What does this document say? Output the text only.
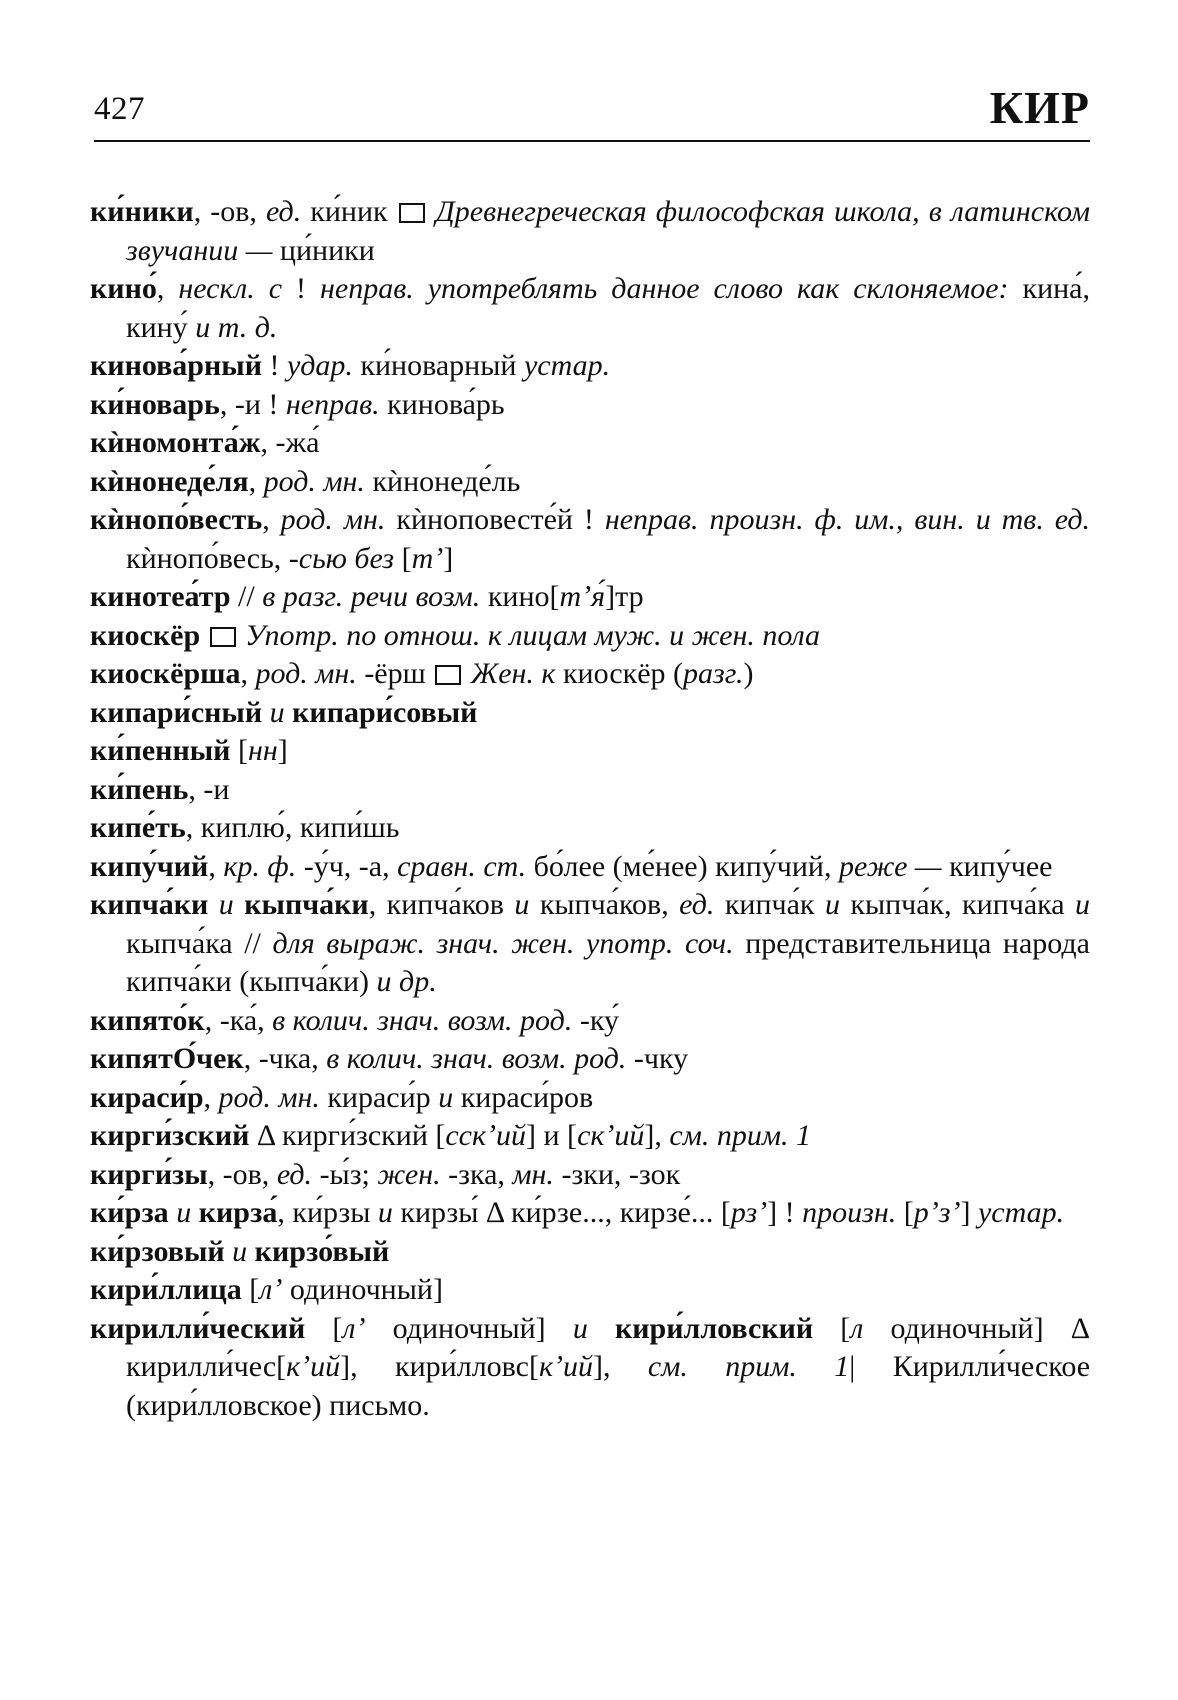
427	КИР
ки́ники, -ов, ед. ки́ник  Древнегреческая философская школа, в латинском звучании — ци́ники
кино́, нескл. с ! неправ. употреблять данное слово как склоняемое: кина́, кину́ и т. д.
кинова́рный ! удар. ки́новарный устар.
ки́новарь, -и ! неправ. кинова́рь
кѝномонта́ж, -жа́
кѝнонеде́ля, род. мн. кѝнонеде́ль
кѝнопо́весть, род. мн. кѝноповесте́й ! неправ. произн. ф. им., вин. и тв. ед. кѝнопо́весь, -сью без [тʼ]
кинотеа́тр // в разг. речи возм. кино[тʼя́]тр
киоскёр Употр. по отнош. к лицам муж. и жен. пола
киоскёрша, род. мн. -ёрш  Жен. к киоскёр (разг.)
кипари́сный и кипари́совый
ки́пенный [нн]
ки́пень, -и
кипе́ть, киплю́, кипи́шь
кипу́чий, кр. ф. -у́ч, -а, сравн. ст. бо́лее (ме́нее) кипу́чий, реже — кипу́чее
кипча́ки и кыпча́ки, кипча́ков и кыпча́ков, ед. кипча́к и кыпча́к, кипча́ка и кыпча́ка // для выраж. знач. жен. употр. соч. представительница народа кипча́ки (кыпча́ки) и др.
кипято́к, -ка́, в колич. знач. возм. род. -ку́
кипятО́чек, -чка, в колич. знач. возм. род. -чку
кираси́р, род. мн. кираси́р и кираси́ров
кирги́зский Δ кирги́зский [сскʼий] и [скʼий], см. прим. 1
кирги́зы, -ов, ед. -ы́з; жен. -зка, мн. -зки, -зок
ки́рза и кирза́, ки́рзы и кирзы́ Δ ки́рзе..., кирзе́... [рзʼ] ! произн. [рʼзʼ] устар.
ки́рзовый и кирзо́вый
кири́ллица [лʼ одиночный]
кирилли́ческий [лʼ одиночный] и кири́лловский [л одиночный] Δ кирилли́чес[кʼий], кири́лловс[кʼий], см. прим. 1| Кирилли́ческое (кири́лловское) письмо.
